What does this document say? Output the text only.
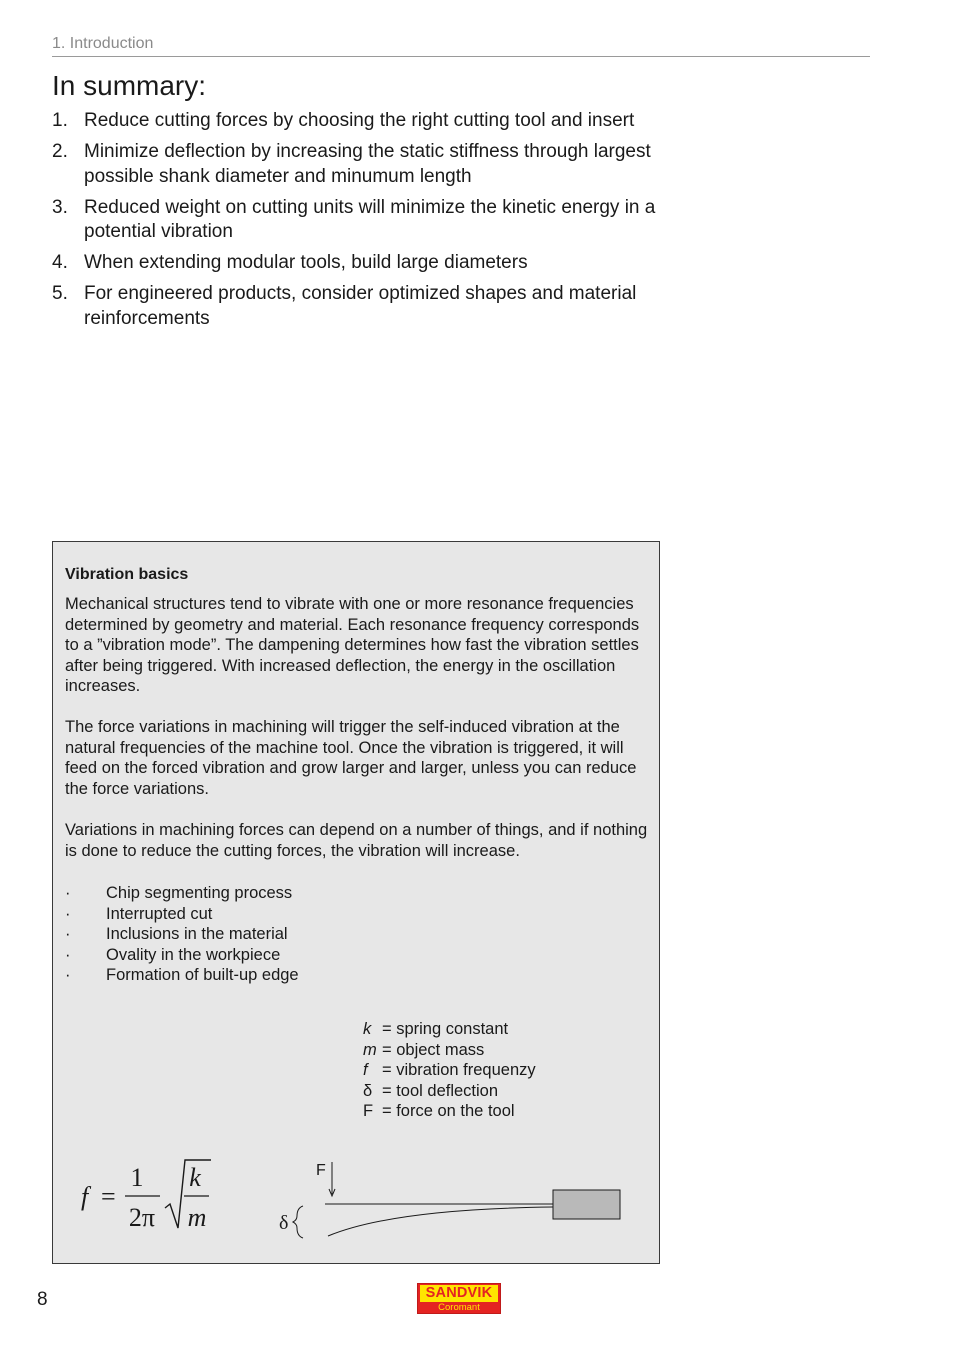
1. Introduction
In summary:
1. Reduce cutting forces by choosing the right cutting tool and insert
2. Minimize deflection by increasing the static stiffness through largest possible shank diameter and minumum length
3. Reduced weight on cutting units will minimize the kinetic energy in a potential vibration
4. When extending modular tools, build large diameters
5. For engineered products, consider optimized shapes and material reinforcements
Vibration basics

Mechanical structures tend to vibrate with one or more resonance frequencies determined by geometry and material. Each resonance frequency corresponds to a ”vibration mode”. The dampening determines how fast the vibration settles after being triggered. With increased deflection, the energy in the oscillation increases.

The force variations in machining will trigger the self-induced vibration at the natural frequencies of the machine tool. Once the vibration is triggered, it will feed on the forced vibration and grow larger and larger, unless you can reduce the force variations.

Variations in machining forces can depend on a number of things, and if nothing is done to reduce the cutting forces, the vibration will increase.

· Chip segmenting process
· Interrupted cut
· Inclusions in the material
· Ovality in the workpiece
· Formation of built-up edge
k = spring constant
m = object mass
f = vibration frequenzy
δ = tool deflection
F = force on the tool
f =
1
2π
k
m
F
δ
8	SANDVIK
Coromant
